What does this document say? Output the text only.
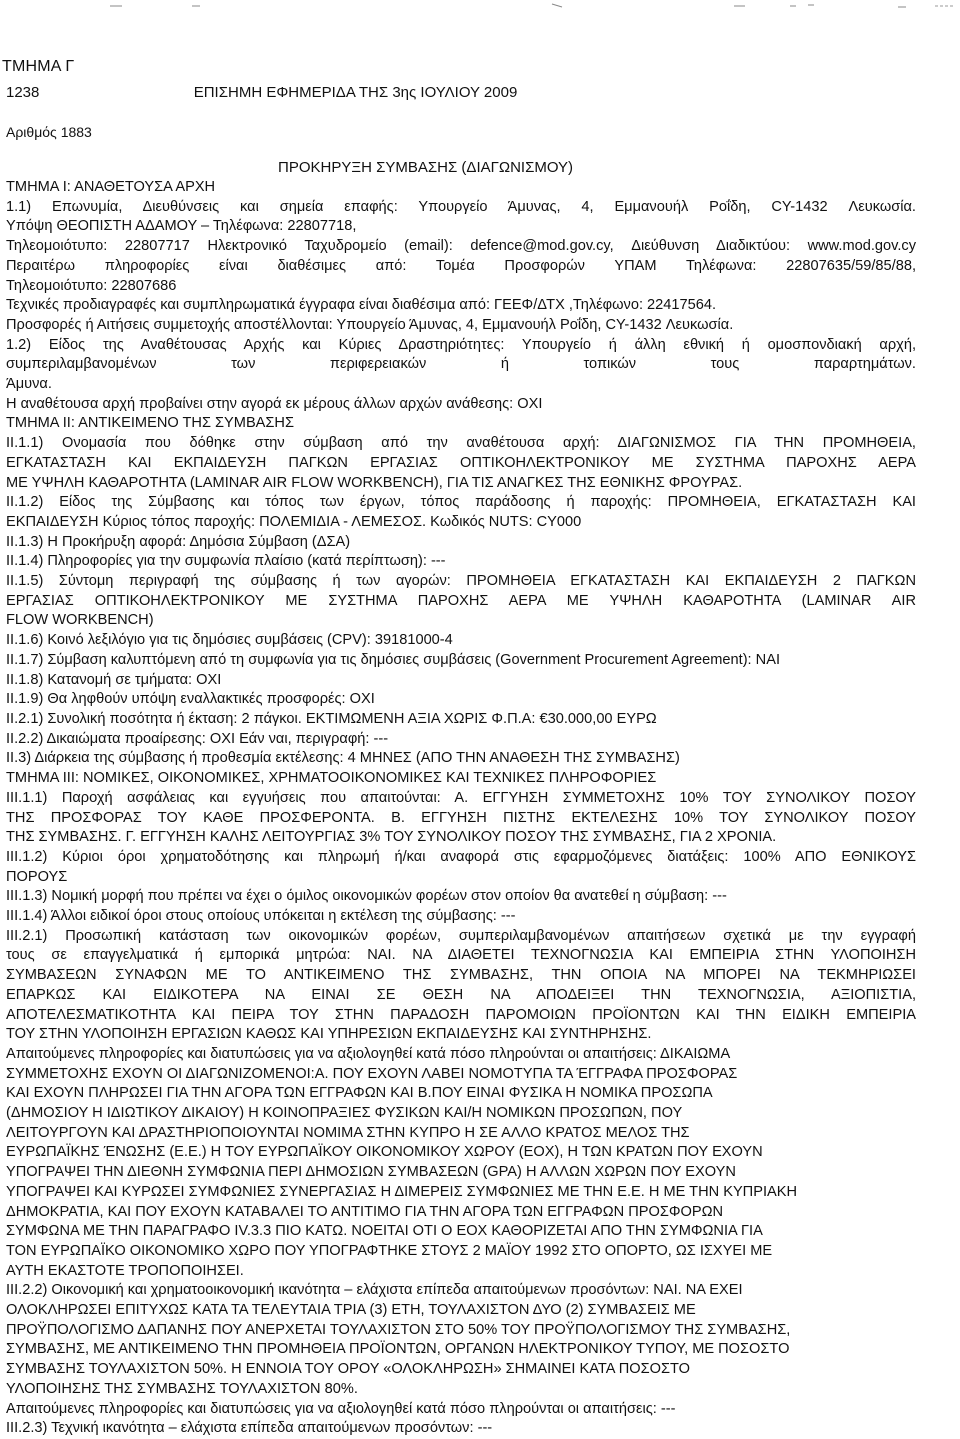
ΤΜΗΜΑ Γ
1238	ΕΠΙΣΗΜΗ ΕΦΗΜΕΡΙΔΑ ΤΗΣ 3ης ΙΟΥΛΙΟΥ 2009
Αριθμός 1883
ΠΡΟΚΗΡΥΞΗ ΣΥΜΒΑΣΗΣ (ΔΙΑΓΩΝΙΣΜΟΥ)

ΤΜΗΜΑ Ι: ΑΝΑΘΕΤΟΥΣΑ ΑΡΧΗ

1.1) Επωνυμία, Διευθύνσεις και σημεία επαφής: Υπουργείο Άμυνας, 4, Εμμανουήλ Ροΐδη, CY-1432 Λευκωσία.

Υπόψη ΘΕΟΠΙΣΤΗ ΑΔΑΜΟΥ – Τηλέφωνα: 22807718,

Τηλεομοιότυπο: 22807717 Ηλεκτρονικό Ταχυδρομείο (email): defence@mod.gov.cy, Διεύθυνση Διαδικτύου: www.mod.gov.cy

Περαιτέρω πληροφορίες είναι διαθέσιμες από: Τομέα Προσφορών ΥΠΑΜ Τηλέφωνα: 22807635/59/85/88,

Τηλεομοιότυπο: 22807686

Τεχνικές προδιαγραφές και συμπληρωματικά έγγραφα είναι διαθέσιμα από: ΓΕΕΦ/ΔΤΧ ,Τηλέφωνο: 22417564.

Προσφορές ή Αιτήσεις συμμετοχής αποστέλλονται: Υπουργείο Άμυνας, 4, Εμμανουήλ Ροΐδη, CY-1432 Λευκωσία.

1.2) Είδος της Αναθέτουσας Αρχής και Κύριες Δραστηριότητες: Υπουργείο ή άλλη εθνική ή ομοσπονδιακή αρχή,

συμπεριλαμβανομένων των περιφερειακών ή τοπικών τους παραρτημάτων.

Άμυνα.

Η αναθέτουσα αρχή προβαίνει στην αγορά εκ μέρους άλλων αρχών ανάθεσης: ΟΧΙ

ΤΜΗΜΑ ΙΙ: ΑΝΤΙΚΕΙΜΕΝΟ ΤΗΣ ΣΥΜΒΑΣΗΣ

ΙΙ.1.1) Ονομασία που δόθηκε στην σύμβαση από την αναθέτουσα αρχή: ΔΙΑΓΩΝΙΣΜΟΣ ΓΙΑ ΤΗΝ ΠΡΟΜΗΘΕΙΑ,

ΕΓΚΑΤΑΣΤΑΣΗ ΚΑΙ ΕΚΠΑΙΔΕΥΣΗ ΠΑΓΚΩΝ ΕΡΓΑΣΙΑΣ ΟΠΤΙΚΟΗΛΕΚΤΡΟΝΙΚΟΥ ΜΕ ΣΥΣΤΗΜΑ ΠΑΡΟΧΗΣ ΑΕΡΑ

ΜΕ ΥΨΗΛΗ ΚΑΘΑΡΟΤΗΤΑ (LAMINAR AIR FLOW WORKBENCH), ΓΙΑ ΤΙΣ ΑΝΑΓΚΕΣ ΤΗΣ ΕΘΝΙΚΗΣ ΦΡΟΥΡΑΣ.

ΙΙ.1.2) Είδος της Σύμβασης και τόπος των έργων, τόπος παράδοσης ή παροχής: ΠΡΟΜΗΘΕΙΑ, ΕΓΚΑΤΑΣΤΑΣΗ ΚΑΙ

ΕΚΠΑΙΔΕΥΣΗ Κύριος τόπος παροχής: ΠΟΛΕΜΙΔΙΑ - ΛΕΜΕΣΟΣ. Κωδικός NUTS: CY000

ΙΙ.1.3) Η Προκήρυξη αφορά: Δημόσια Σύμβαση (ΔΣΑ)

ΙΙ.1.4) Πληροφορίες για την συμφωνία πλαίσιο (κατά περίπτωση): ---

ΙΙ.1.5) Σύντομη περιγραφή της σύμβασης ή των αγορών: ΠΡΟΜΗΘΕΙΑ ΕΓΚΑΤΑΣΤΑΣΗ ΚΑΙ ΕΚΠΑΙΔΕΥΣΗ 2 ΠΑΓΚΩΝ

ΕΡΓΑΣΙΑΣ ΟΠΤΙΚΟΗΛΕΚΤΡΟΝΙΚΟΥ ΜΕ ΣΥΣΤΗΜΑ ΠΑΡΟΧΗΣ ΑΕΡΑ ΜΕ ΥΨΗΛΗ ΚΑΘΑΡΟΤΗΤΑ (LAMINAR AIR

FLOW WORKBENCH)

ΙΙ.1.6) Κοινό λεξιλόγιο για τις δημόσιες συμβάσεις (CPV): 39181000-4

ΙΙ.1.7) Σύμβαση καλυπτόμενη από τη συμφωνία για τις δημόσιες συμβάσεις (Government Procurement Agreement): ΝΑΙ

ΙΙ.1.8) Κατανομή σε τμήματα: ΟΧΙ

ΙΙ.1.9) Θα ληφθούν υπόψη εναλλακτικές προσφορές: ΟΧΙ

ΙΙ.2.1) Συνολική ποσότητα ή έκταση: 2 πάγκοι. ΕΚΤΙΜΩΜΕΝΗ ΑΞΙΑ ΧΩΡΙΣ Φ.Π.Α: €30.000,00 ΕΥΡΩ

ΙΙ.2.2) Δικαιώματα προαίρεσης: ΟΧΙ Εάν ναι, περιγραφή: ---

ΙΙ.3) Διάρκεια της σύμβασης ή προθεσμία εκτέλεσης: 4 ΜΗΝΕΣ (ΑΠΟ ΤΗΝ ΑΝΑΘΕΣΗ ΤΗΣ ΣΥΜΒΑΣΗΣ)

ΤΜΗΜΑ ΙΙΙ: ΝΟΜΙΚΕΣ, ΟΙΚΟΝΟΜΙΚΕΣ, ΧΡΗΜΑΤΟΟΙΚΟΝΟΜΙΚΕΣ ΚΑΙ ΤΕΧΝΙΚΕΣ ΠΛΗΡΟΦΟΡΙΕΣ

ΙΙΙ.1.1) Παροχή ασφάλειας και εγγυήσεις που απαιτούνται: Α. ΕΓΓΥΗΣΗ ΣΥΜΜΕΤΟΧΗΣ 10% ΤΟΥ ΣΥΝΟΛΙΚΟΥ ΠΟΣΟΥ

ΤΗΣ ΠΡΟΣΦΟΡΑΣ ΤΟΥ ΚΑΘΕ ΠΡΟΣΦΕΡΟΝΤΑ. Β. ΕΓΓΥΗΣΗ ΠΙΣΤΗΣ ΕΚΤΕΛΕΣΗΣ 10% ΤΟΥ ΣΥΝΟΛΙΚΟΥ ΠΟΣΟΥ

ΤΗΣ ΣΥΜΒΑΣΗΣ. Γ. ΕΓΓΥΗΣΗ ΚΑΛΗΣ ΛΕΙΤΟΥΡΓΙΑΣ 3% ΤΟΥ ΣΥΝΟΛΙΚΟΥ ΠΟΣΟΥ ΤΗΣ ΣΥΜΒΑΣΗΣ, ΓΙΑ 2 ΧΡΟΝΙΑ.

ΙΙΙ.1.2) Κύριοι όροι χρηματοδότησης και πληρωμή ή/και αναφορά στις εφαρμοζόμενες διατάξεις: 100% ΑΠΟ ΕΘΝΙΚΟΥΣ

ΠΟΡΟΥΣ

ΙΙΙ.1.3) Νομική μορφή που πρέπει να έχει ο όμιλος οικονομικών φορέων στον οποίον θα ανατεθεί η σύμβαση: ---

ΙΙΙ.1.4) Άλλοι ειδικοί όροι στους οποίους υπόκειται η εκτέλεση της σύμβασης: ---

ΙΙΙ.2.1) Προσωπική κατάσταση των οικονομικών φορέων, συμπεριλαμβανομένων απαιτήσεων σχετικά με την εγγραφή

τους σε επαγγελματικά ή εμπορικά μητρώα: ΝΑΙ. ΝΑ ΔΙΑΘΕΤΕΙ ΤΕΧΝΟΓΝΩΣΙΑ ΚΑΙ ΕΜΠΕΙΡΙΑ ΣΤΗΝ ΥΛΟΠΟΙΗΣΗ

ΣΥΜΒΑΣΕΩΝ ΣΥΝΑΦΩΝ ΜΕ ΤΟ ΑΝΤΙΚΕΙΜΕΝΟ ΤΗΣ ΣΥΜΒΑΣΗΣ, ΤΗΝ ΟΠΟΙΑ ΝΑ ΜΠΟΡΕΙ ΝΑ ΤΕΚΜΗΡΙΩΣΕΙ

ΕΠΑΡΚΩΣ ΚΑΙ ΕΙΔΙΚΟΤΕΡΑ ΝΑ ΕΙΝΑΙ ΣΕ ΘΕΣΗ ΝΑ ΑΠΟΔΕΙΞΕΙ ΤΗΝ ΤΕΧΝΟΓΝΩΣΙΑ, ΑΞΙΟΠΙΣΤΙΑ,

ΑΠΟΤΕΛΕΣΜΑΤΙΚΟΤΗΤΑ ΚΑΙ ΠΕΙΡΑ ΤΟΥ ΣΤΗΝ ΠΑΡΑΔΟΣΗ ΠΑΡΟΜΟΙΩΝ ΠΡΟΪΟΝΤΩΝ ΚΑΙ ΤΗΝ ΕΙΔΙΚΗ ΕΜΠΕΙΡΙΑ

ΤΟΥ ΣΤΗΝ ΥΛΟΠΟΙΗΣΗ ΕΡΓΑΣΙΩΝ ΚΑΘΩΣ ΚΑΙ ΥΠΗΡΕΣΙΩΝ ΕΚΠΑΙΔΕΥΣΗΣ ΚΑΙ ΣΥΝΤΗΡΗΣΗΣ.

Απαιτούμενες πληροφορίες και διατυπώσεις για να αξιολογηθεί κατά πόσο πληρούνται οι απαιτήσεις: ΔΙΚΑΙΩΜΑ

ΣΥΜΜΕΤΟΧΗΣ ΕΧΟΥΝ ΟΙ ΔΙΑΓΩΝΙΖΟΜΕΝΟΙ:Α. ΠΟΥ ΕΧΟΥΝ ΛΑΒΕΙ ΝΟΜΟΤΥΠΑ ΤΑ ΈΓΓΡΑΦΑ ΠΡΟΣΦΟΡΑΣ

ΚΑΙ ΕΧΟΥΝ ΠΛΗΡΩΣΕΙ ΓΙΑ ΤΗΝ ΑΓΟΡΑ ΤΩΝ ΕΓΓΡΑΦΩΝ ΚΑΙ Β.ΠΟΥ ΕΙΝΑΙ ΦΥΣΙΚΑ Η ΝΟΜΙΚΑ ΠΡΟΣΩΠΑ

(ΔΗΜΟΣΙΟΥ Η ΙΔΙΩΤΙΚΟΥ ΔΙΚΑΙΟΥ) Η ΚΟΙΝΟΠΡΑΞΙΕΣ ΦΥΣΙΚΩΝ ΚΑΙ/Η ΝΟΜΙΚΩΝ ΠΡΟΣΩΠΩΝ, ΠΟΥ

ΛΕΙΤΟΥΡΓΟΥΝ ΚΑΙ ΔΡΑΣΤΗΡΙΟΠΟΙΟΥΝΤΑΙ ΝΟΜΙΜΑ ΣΤΗΝ ΚΥΠΡΟ Η ΣΕ ΑΛΛΟ ΚΡΑΤΟΣ ΜΕΛΟΣ ΤΗΣ

ΕΥΡΩΠΑΪΚΗΣ ΈΝΩΣΗΣ (Ε.Ε.) Η ΤΟΥ ΕΥΡΩΠΑΪΚΟΥ ΟΙΚΟΝΟΜΙΚΟΥ ΧΩΡΟΥ (ΕΟΧ), Η ΤΩΝ ΚΡΑΤΩΝ ΠΟΥ ΕΧΟΥΝ

ΥΠΟΓΡΑΨΕΙ ΤΗΝ ΔΙΕΘΝΗ ΣΥΜΦΩΝΙΑ ΠΕΡΙ ΔΗΜΟΣΙΩΝ ΣΥΜΒΑΣΕΩΝ (GPA) Η ΑΛΛΩΝ ΧΩΡΩΝ ΠΟΥ ΕΧΟΥΝ

ΥΠΟΓΡΑΨΕΙ ΚΑΙ ΚΥΡΩΣΕΙ ΣΥΜΦΩΝΙΕΣ ΣΥΝΕΡΓΑΣΙΑΣ Η ΔΙΜΕΡΕΙΣ ΣΥΜΦΩΝΙΕΣ ΜΕ ΤΗΝ Ε.Ε. Η ΜΕ ΤΗΝ ΚΥΠΡΙΑΚΗ

ΔΗΜΟΚΡΑΤΙΑ, ΚΑΙ ΠΟΥ ΕΧΟΥΝ ΚΑΤΑΒΑΛΕΙ ΤΟ ΑΝΤΙΤΙΜΟ ΓΙΑ ΤΗΝ ΑΓΟΡΑ ΤΩΝ ΕΓΓΡΑΦΩΝ ΠΡΟΣΦΟΡΩΝ

ΣΥΜΦΩΝΑ ΜΕ ΤΗΝ ΠΑΡΑΓΡΑΦΟ IV.3.3 ΠΙΟ ΚΑΤΩ. ΝΟΕΙΤΑΙ ΟΤΙ Ο ΕΟΧ ΚΑΘΟΡΙΖΕΤΑΙ ΑΠΟ ΤΗΝ ΣΥΜΦΩΝΙΑ ΓΙΑ

ΤΟΝ ΕΥΡΩΠΑΪΚΟ ΟΙΚΟΝΟΜΙΚΟ ΧΩΡΟ ΠΟΥ ΥΠΟΓΡΑΦΤΗΚΕ ΣΤΟΥΣ 2 ΜΑΪΟΥ 1992 ΣΤΟ ΟΠΟΡΤΟ, ΩΣ ΙΣΧΥΕΙ ΜΕ

ΑΥΤΗ ΕΚΑΣΤΟΤΕ ΤΡΟΠΟΠΟΙΗΣΕΙ.

ΙΙΙ.2.2) Οικονομική και χρηματοοικονομική ικανότητα – ελάχιστα επίπεδα απαιτούμενων προσόντων: ΝΑΙ. ΝΑ ΕΧΕΙ

ΟΛΟΚΛΗΡΩΣΕΙ ΕΠΙΤΥΧΩΣ ΚΑΤΑ ΤΑ ΤΕΛΕΥΤΑΙΑ ΤΡΙΑ (3) ΕΤΗ, ΤΟΥΛΑΧΙΣΤΟΝ ΔΥΟ (2) ΣΥΜΒΑΣΕΙΣ ΜΕ

ΠΡΟΫΠΟΛΟΓΙΣΜΟ ΔΑΠΑΝΗΣ ΠΟΥ ΑΝΕΡΧΕΤΑΙ ΤΟΥΛΑΧΙΣΤΟΝ ΣΤΟ 50% ΤΟΥ ΠΡΟΫΠΟΛΟΓΙΣΜΟΥ ΤΗΣ ΣΥΜΒΑΣΗΣ,

ΣΥΜΒΑΣΗΣ, ΜΕ ΑΝΤΙΚΕΙΜΕΝΟ ΤΗΝ ΠΡΟΜΗΘΕΙΑ ΠΡΟΪΟΝΤΩΝ, ΟΡΓΑΝΩΝ ΗΛΕΚΤΡΟΝΙΚΟΥ ΤΥΠΟΥ, ΜΕ ΠΟΣΟΣΤΟ

ΣΥΜΒΑΣΗΣ ΤΟΥΛΑΧΙΣΤΟΝ 50%. Η ΕΝΝΟΙΑ ΤΟΥ ΟΡΟΥ «ΟΛΟΚΛΗΡΩΣΗ» ΣΗΜΑΙΝΕΙ ΚΑΤΑ ΠΟΣΟΣΤΟ

ΥΛΟΠΟΙΗΣΗΣ ΤΗΣ ΣΥΜΒΑΣΗΣ ΤΟΥΛΑΧΙΣΤΟΝ 80%.

Απαιτούμενες πληροφορίες και διατυπώσεις για να αξιολογηθεί κατά πόσο πληρούνται οι απαιτήσεις: ---

ΙΙΙ.2.3) Τεχνική ικανότητα – ελάχιστα επίπεδα απαιτούμενων προσόντων: ---
